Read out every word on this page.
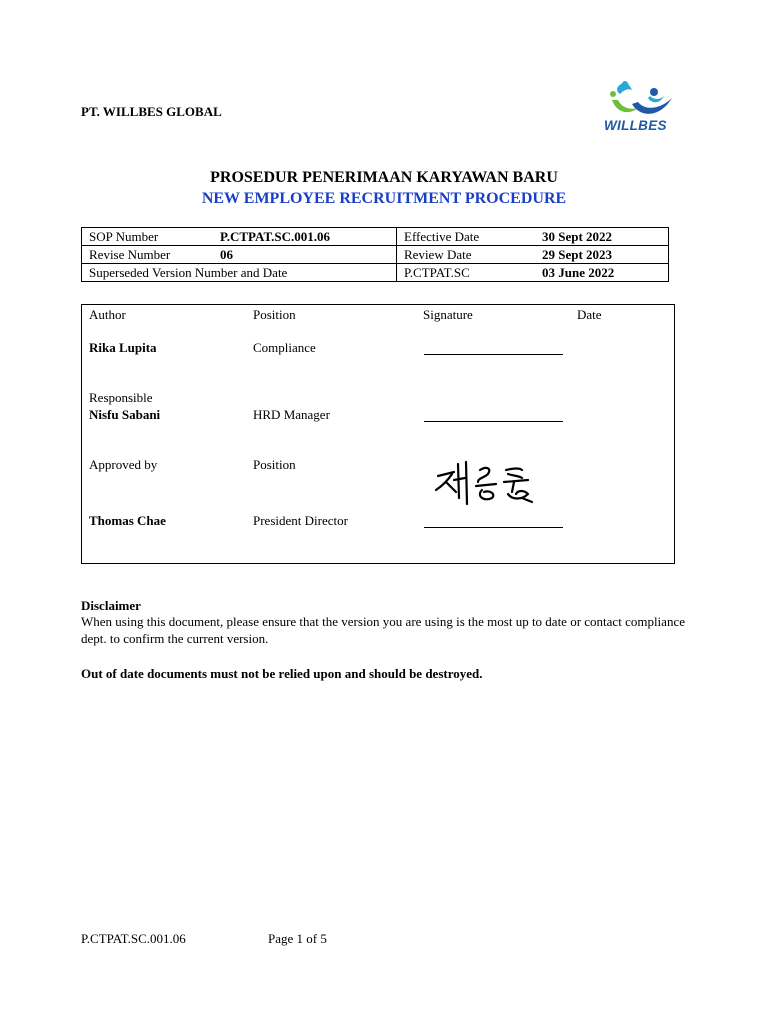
PT. WILLBES GLOBAL
WILLBES
PROSEDUR PENERIMAAN KARYAWAN BARU
NEW EMPLOYEE RECRUITMENT PROCEDURE
SOP Number P.CTPAT.SC.001.06	Effective Date 30 Sept 2022
Revise Number 06	Review Date 29 Sept 2023
Superseded Version Number and Date	P.CTPAT.SC 03 June 2022
Author	Position	Signature	Date
Rika Lupita	Compliance
Responsible
Nisfu Sabani	HRD Manager
Approved by	Position
Thomas Chae	President Director
Disclaimer
When using this document, please ensure that the version you are using is the most up to date or contact compliance dept. to confirm the current version.
Out of date documents must not be relied upon and should be destroyed.
P.CTPAT.SC.001.06	Page 1 of 5
